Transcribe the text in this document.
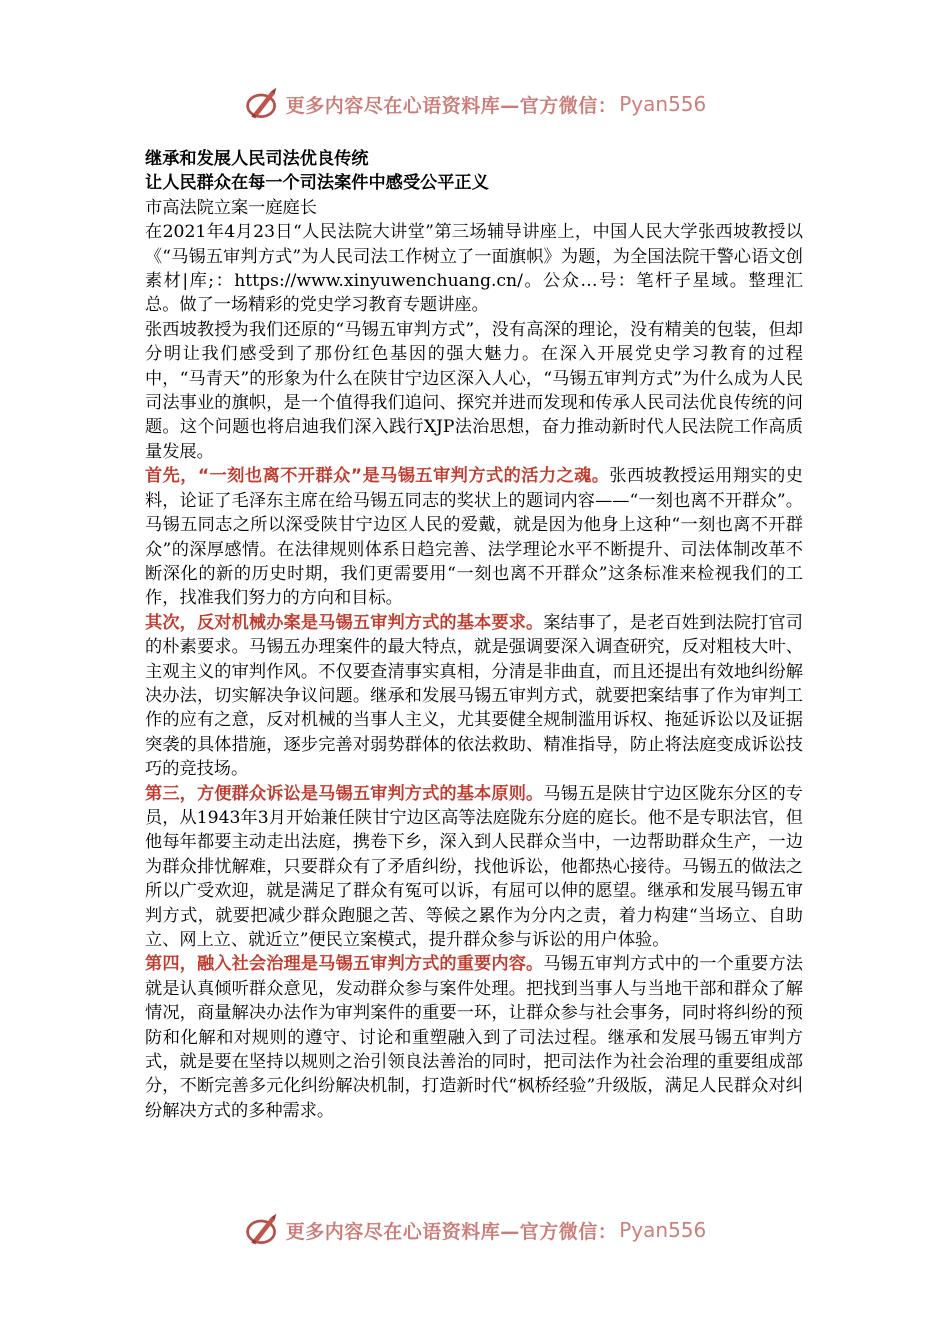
更多内容尽在心语资料库—官方微信： Pyan556

继承和发展人民司法优良传统

让人民群众在每一个司法案件中感受公平正义

市高法院立案一庭庭长

在2021年4月23日“人民法院大讲堂”第三场辅导讲座上，中国人民大学张西坡教授以《“马锡五审判方式”为人民司法工作树立了一面旗帜》为题，为全国法院干警心语文创素材|库;：https://www.xinyuwenchuang.cn/。公众…号：笔杆子星域。整理汇总。做了一场精彩的党史学习教育专题讲座。

张西坡教授为我们还原的“马锡五审判方式”，没有高深的理论，没有精美的包装，但却分明让我们感受到了那份红色基因的强大魅力。在深入开展党史学习教育的过程中，“马青天”的形象为什么在陕甘宁边区深入人心，“马锡五审判方式”为什么成为人民司法事业的旗帜，是一个值得我们追问、探究并进而发现和传承人民司法优良传统的问题。这个问题也将启迪我们深入践行XJP法治思想，奋力推动新时代人民法院工作高质量发展。

首先，“一刻也离不开群众”是马锡五审判方式的活力之魂。张西坡教授运用翔实的史料，论证了毛泽东主席在给马锡五同志的奖状上的题词内容——“一刻也离不开群众”。马锡五同志之所以深受陕甘宁边区人民的爱戴，就是因为他身上这种“一刻也离不开群众”的深厚感情。在法律规则体系日趋完善、法学理论水平不断提升、司法体制改革不断深化的新的历史时期，我们更需要用“一刻也离不开群众”这条标准来检视我们的工作，找准我们努力的方向和目标。

其次，反对机械办案是马锡五审判方式的基本要求。案结事了，是老百姓到法院打官司的朴素要求。马锡五办理案件的最大特点，就是强调要深入调查研究，反对粗枝大叶、主观主义的审判作风。不仅要查清事实真相，分清是非曲直，而且还提出有效地纠纷解决办法，切实解决争议问题。继承和发展马锡五审判方式，就要把案结事了作为审判工作的应有之意，反对机械的当事人主义，尤其要健全规制滥用诉权、拖延诉讼以及证据突袭的具体措施，逐步完善对弱势群体的依法救助、精准指导，防止将法庭变成诉讼技巧的竞技场。

第三，方便群众诉讼是马锡五审判方式的基本原则。马锡五是陕甘宁边区陇东分区的专员，从1943年3月开始兼任陕甘宁边区高等法庭陇东分庭的庭长。他不是专职法官，但他每年都要主动走出法庭，携卷下乡，深入到人民群众当中，一边帮助群众生产，一边为群众排忧解难，只要群众有了矛盾纠纷，找他诉讼，他都热心接待。马锡五的做法之所以广受欢迎，就是满足了群众有冤可以诉，有屈可以伸的愿望。继承和发展马锡五审判方式，就要把减少群众跑腿之苦、等候之累作为分内之责，着力构建“当场立、自助立、网上立、就近立”便民立案模式，提升群众参与诉讼的用户体验。

第四，融入社会治理是马锡五审判方式的重要内容。马锡五审判方式中的一个重要方法就是认真倾听群众意见，发动群众参与案件处理。把找到当事人与当地干部和群众了解情况，商量解决办法作为审判案件的重要一环，让群众参与社会事务，同时将纠纷的预防和化解和对规则的遵守、讨论和重塑融入到了司法过程。继承和发展马锡五审判方式，就是要在坚持以规则之治引领良法善治的同时，把司法作为社会治理的重要组成部分，不断完善多元化纠纷解决机制，打造新时代“枫桥经验”升级版，满足人民群众对纠纷解决方式的多种需求。

更多内容尽在心语资料库—官方微信： Pyan556
